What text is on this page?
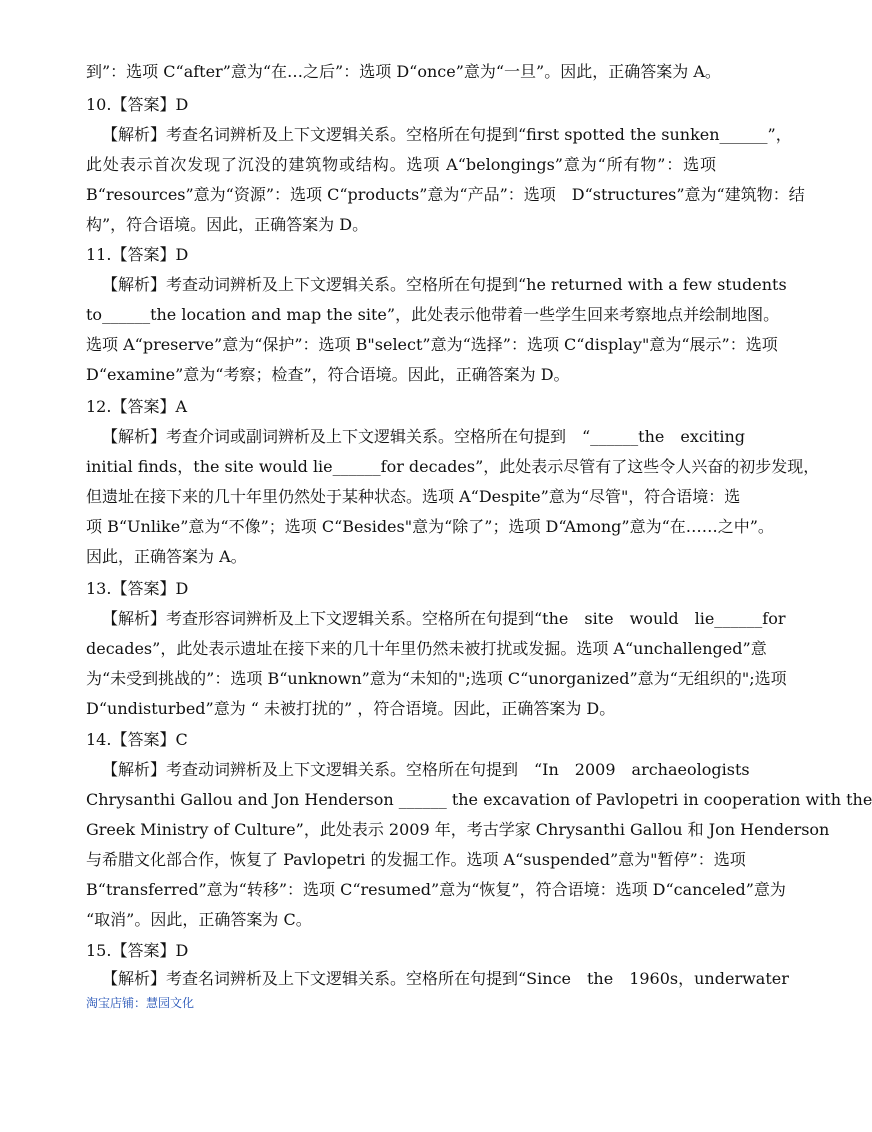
到”：选项 C“after”意为“在…之后”：选项 D“once”意为“一旦”。因此，正确答案为 A。
10.【答案】D
【解析】考查名词辨析及上下文逻辑关系。空格所在句提到“first spotted the sunken______”，
此处表示首次发现了沉没的建筑物或结构。选项 A“belongings”意为“所有物”：选项
B“resources”意为“资源”：选项 C“products”意为“产品”：选项　D“structures”意为“建筑物：结
构”，符合语境。因此，正确答案为 D。
11.【答案】D
【解析】考查动词辨析及上下文逻辑关系。空格所在句提到“he returned with a few students
to______the location and map the site”，此处表示他带着一些学生回来考察地点并绘制地图。
选项 A“preserve”意为“保护”：选项 B"select”意为“选择”：选项 C“display"意为“展示”：选项
D“examine”意为“考察；检查”，符合语境。因此，正确答案为 D。
12.【答案】A
【解析】考查介词或副词辨析及上下文逻辑关系。空格所在句提到　“______the　exciting
initial finds，the site would lie______for decades”，此处表示尽管有了这些令人兴奋的初步发现，
但遗址在接下来的几十年里仍然处于某种状态。选项 A“Despite”意为“尽管"，符合语境：选
项 B“Unlike”意为“不像”；选项 C“Besides"意为“除了”；选项 D“Among”意为“在……之中”。
因此，正确答案为 A。
13.【答案】D
【解析】考查形容词辨析及上下文逻辑关系。空格所在句提到“the　site　would　lie______for
decades”，此处表示遗址在接下来的几十年里仍然未被打扰或发掘。选项 A“unchallenged”意
为“未受到挑战的”：选项 B“unknown”意为“未知的";选项 C“unorganized”意为“无组织的";选项
D“undisturbed”意为 “ 未被打扰的” ，符合语境。因此，正确答案为 D。
14.【答案】C
【解析】考查动词辨析及上下文逻辑关系。空格所在句提到　“In　2009　archaeologists
Chrysanthi Gallou and Jon Henderson ______ the excavation of Pavlopetri in cooperation with the
Greek Ministry of Culture”，此处表示 2009 年，考古学家 Chrysanthi Gallou 和 Jon Henderson
与希腊文化部合作，恢复了 Pavlopetri 的发掘工作。选项 A“suspended”意为"暂停”：选项
B“transferred”意为“转移”：选项 C“resumed”意为“恢复”，符合语境：选项 D“canceled”意为
“取消”。因此，正确答案为 C。
15.【答案】D
【解析】考查名词辨析及上下文逻辑关系。空格所在句提到“Since　the　1960s，underwater
淘宝店铺：慧园文化
